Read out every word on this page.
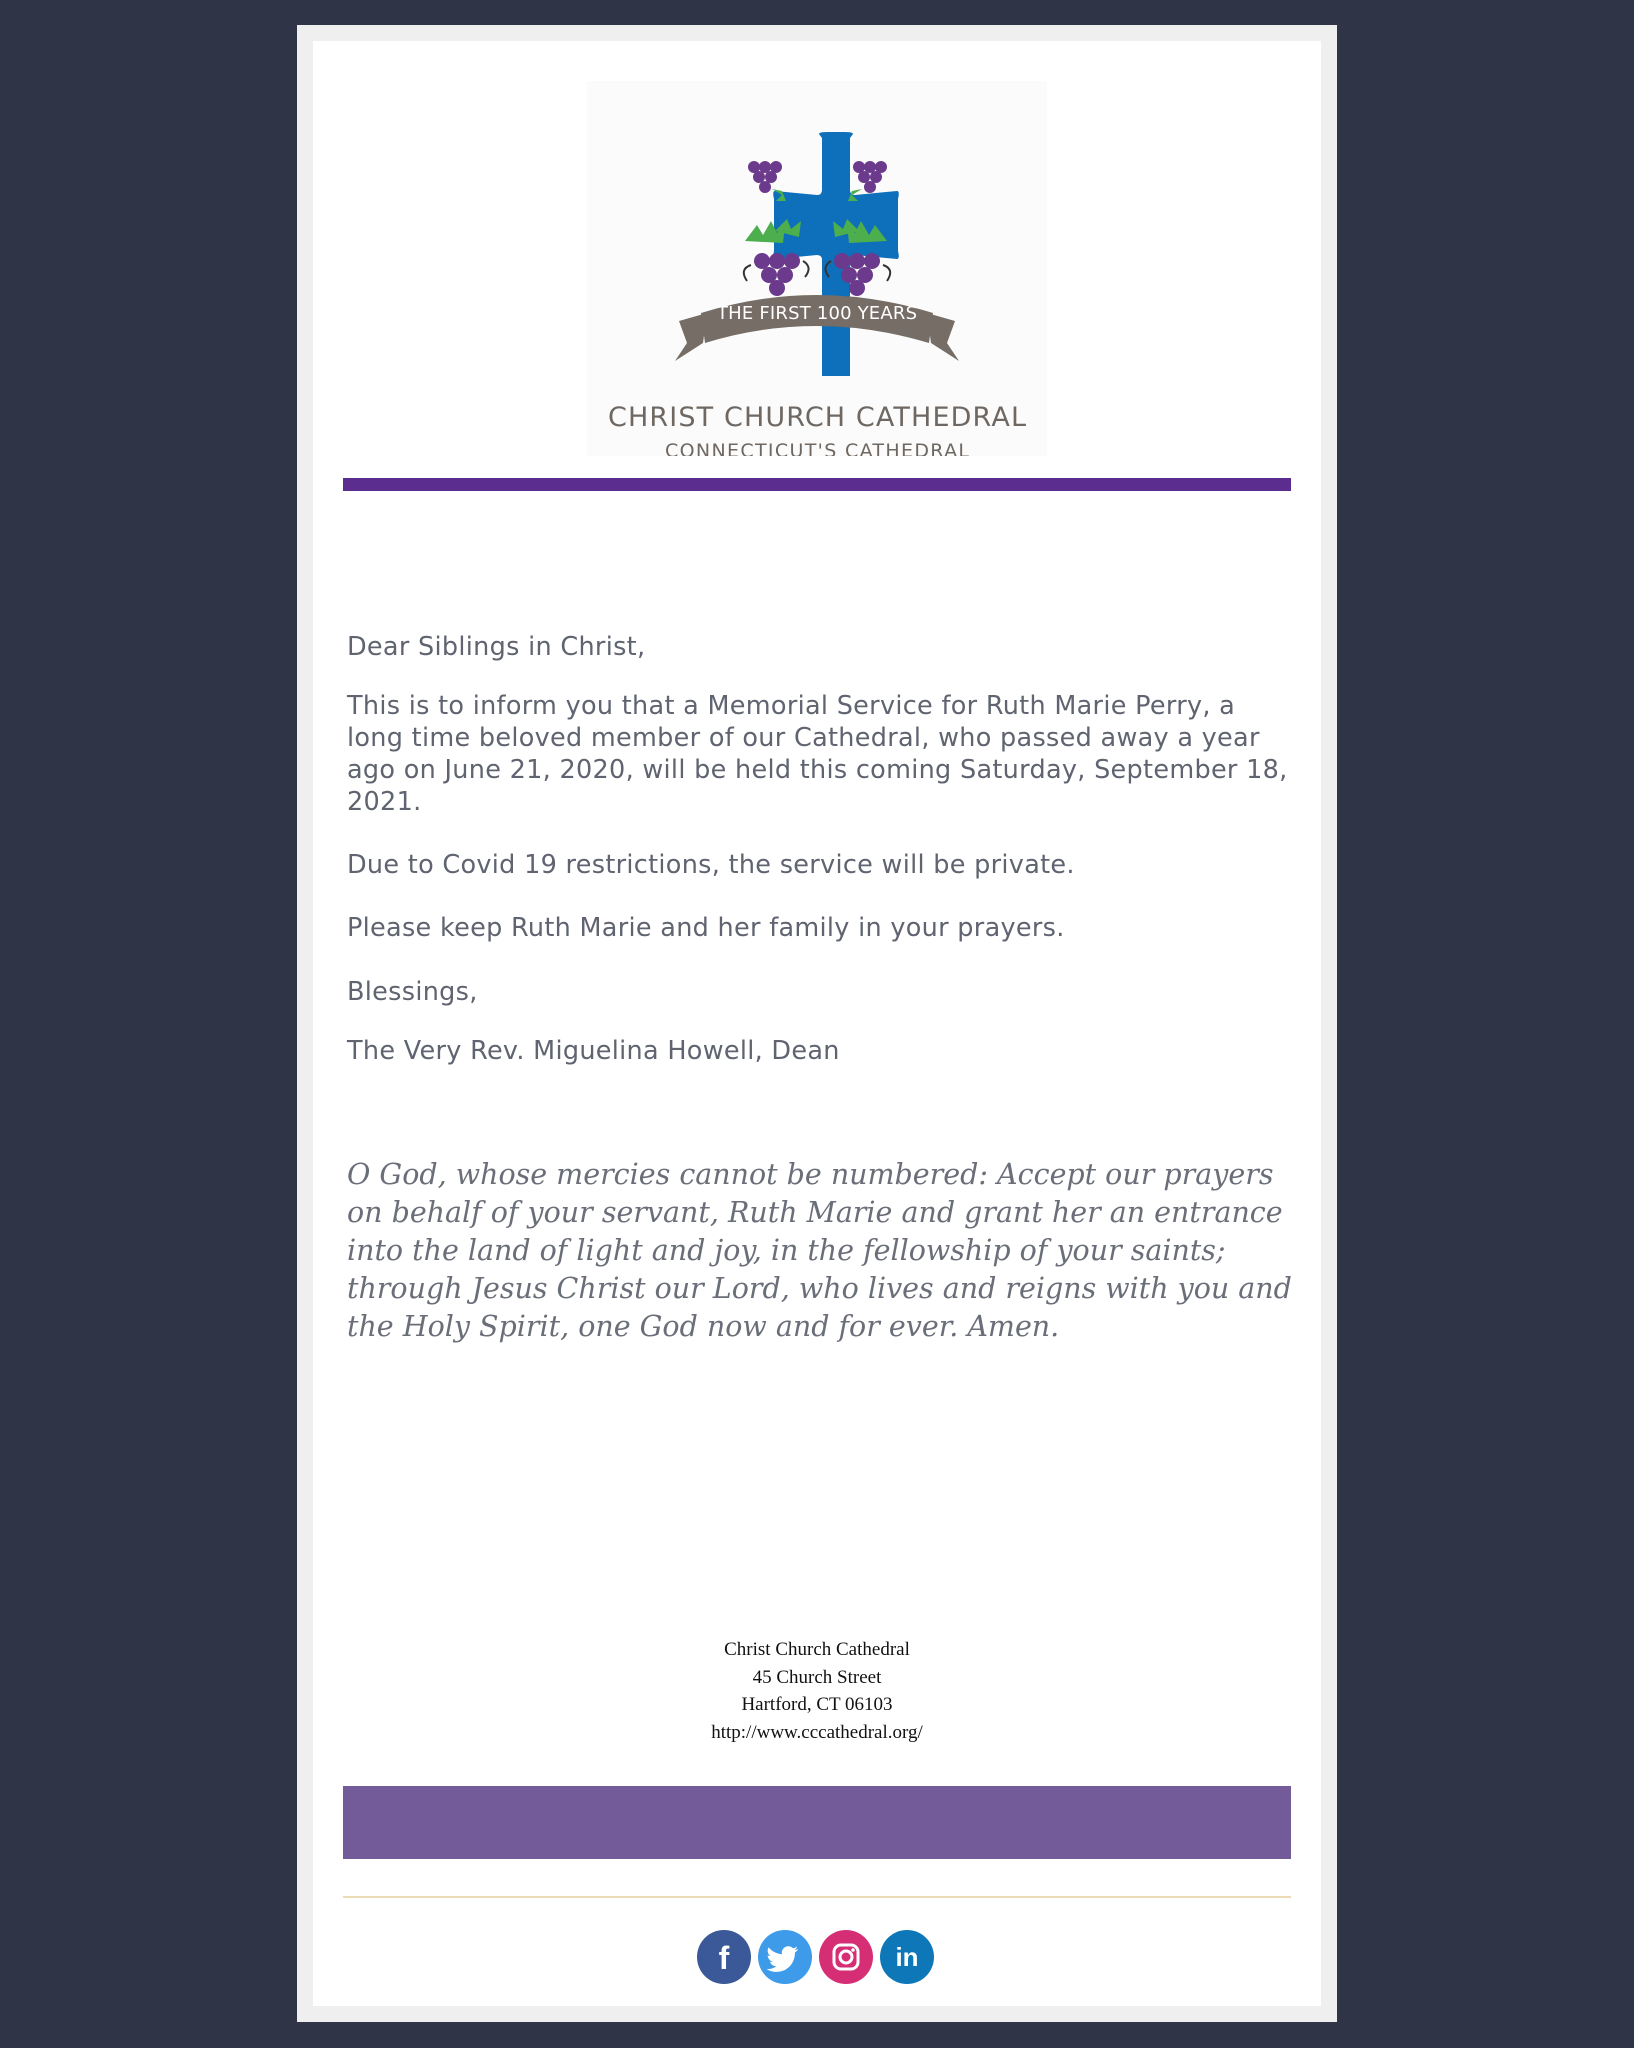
THE FIRST 100 YEARS
CHRIST CHURCH CATHEDRAL
CONNECTICUT'S CATHEDRAL

Dear Siblings in Christ,

This is to inform you that a Memorial Service for Ruth Marie Perry, a long time beloved member of our Cathedral, who passed away a year ago on June 21, 2020, will be held this coming Saturday, September 18, 2021.

Due to Covid 19 restrictions, the service will be private.

Please keep Ruth Marie and her family in your prayers.

Blessings,

The Very Rev. Miguelina Howell, Dean

O God, whose mercies cannot be numbered: Accept our prayers on behalf of your servant, Ruth Marie and grant her an entrance into the land of light and joy, in the fellowship of your saints; through Jesus Christ our Lord, who lives and reigns with you and the Holy Spirit, one God now and for ever. Amen.

Christ Church Cathedral
45 Church Street
Hartford, CT 06103
http://www.cccathedral.org/
f	in
